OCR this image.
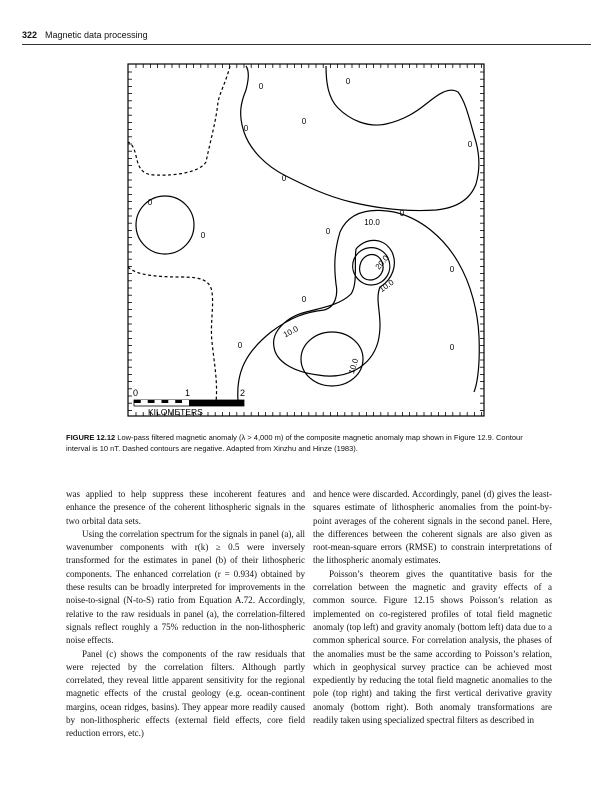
322 Magnetic data processing
0
0
0
0
0
0
0
0
0
0
0
0
0	0
10.0
20.0
10.0
10.0
10.0
0	1	2
KILOMETERS
FIGURE 12.12 Low-pass filtered magnetic anomaly (λ > 4,000 m) of the composite magnetic anomaly map shown in Figure 12.9. Contour interval is 10 nT. Dashed contours are negative. Adapted from Xinzhu and Hinze (1983).

was applied to help suppress these incoherent features and enhance the presence of the coherent lithospheric signals in the two orbital data sets.

Using the correlation spectrum for the signals in panel (a), all wavenumber components with r(k) ≥ 0.5 were inversely transformed for the estimates in panel (b) of their lithospheric components. The enhanced correlation (r = 0.934) obtained by these results can be broadly interpreted for improvements in the noise-to-signal (N-to-S) ratio from Equation A.72. Accordingly, relative to the raw residuals in panel (a), the correlation-filtered signals reflect roughly a 75% reduction in the non-lithospheric noise effects.

Panel (c) shows the components of the raw residuals that were rejected by the correlation filters. Although partly correlated, they reveal little apparent sensitivity for the regional magnetic effects of the crustal geology (e.g. ocean-continent margins, ocean ridges, basins). They appear more readily caused by non-lithospheric effects (external field effects, core field reduction errors, etc.)

and hence were discarded. Accordingly, panel (d) gives the least-squares estimate of lithospheric anomalies from the point-by-point averages of the coherent signals in the second panel. Here, the differences between the coherent signals are also given as root-mean-square errors (RMSE) to constrain interpretations of the lithospheric anomaly estimates.

Poisson’s theorem gives the quantitative basis for the correlation between the magnetic and gravity effects of a common source. Figure 12.15 shows Poisson’s relation as implemented on co-registered profiles of total field magnetic anomaly (top left) and gravity anomaly (bottom left) data due to a common spherical source. For correlation analysis, the phases of the anomalies must be the same according to Poisson’s relation, which in geophysical survey practice can be achieved most expediently by reducing the total field magnetic anomalies to the pole (top right) and taking the first vertical derivative gravity anomaly (bottom right). Both anomaly transformations are readily taken using specialized spectral filters as described in
